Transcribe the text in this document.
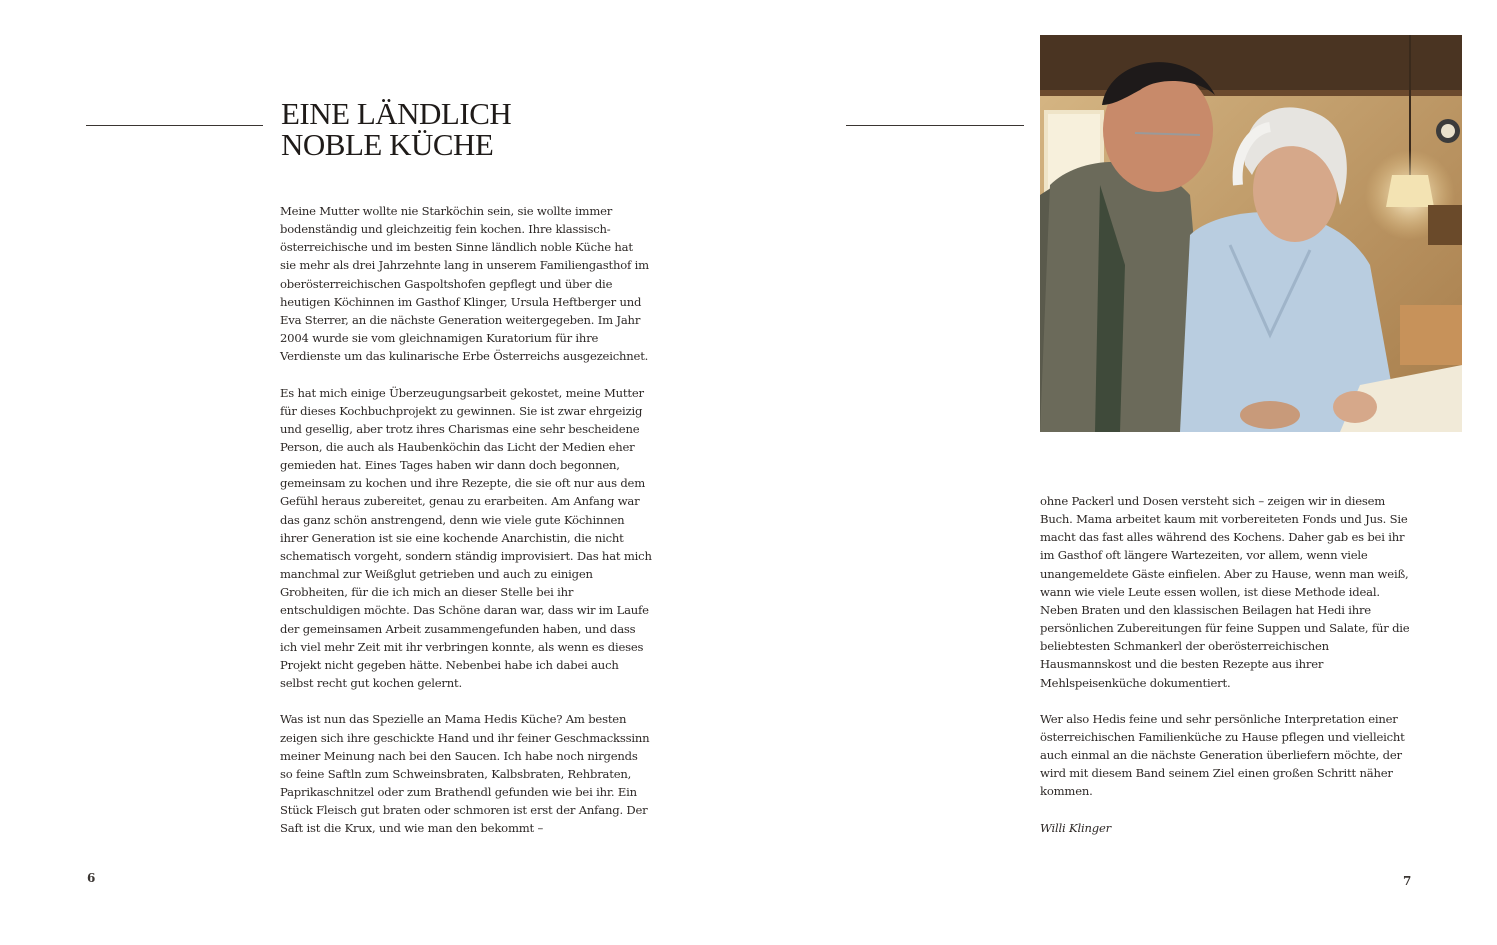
EINE LÄNDLICH
NOBLE KÜCHE

Meine Mutter wollte nie Starköchin sein, sie wollte immer bodenständig und gleichzeitig fein kochen. Ihre klassisch-österreichische und im besten Sinne ländlich noble Küche hat sie mehr als drei Jahrzehnte lang in unserem Familiengasthof im oberösterreichischen Gaspoltshofen gepflegt und über die heutigen Köchinnen im Gasthof Klinger, Ursula Heftberger und Eva Sterrer, an die nächste Generation weitergegeben. Im Jahr 2004 wurde sie vom gleichnamigen Kuratorium für ihre Verdienste um das kulinarische Erbe Österreichs ausgezeichnet.

Es hat mich einige Überzeugungsarbeit gekostet, meine Mutter für dieses Kochbuchprojekt zu gewinnen. Sie ist zwar ehrgeizig und gesellig, aber trotz ihres Charismas eine sehr bescheidene Person, die auch als Haubenköchin das Licht der Medien eher gemieden hat. Eines Tages haben wir dann doch begonnen, gemeinsam zu kochen und ihre Rezepte, die sie oft nur aus dem Gefühl heraus zubereitet, genau zu erarbeiten. Am Anfang war das ganz schön anstrengend, denn wie viele gute Köchinnen ihrer Generation ist sie eine kochende Anarchistin, die nicht schematisch vorgeht, sondern ständig improvisiert. Das hat mich manchmal zur Weißglut getrieben und auch zu einigen Grobheiten, für die ich mich an dieser Stelle bei ihr entschuldigen möchte. Das Schöne daran war, dass wir im Laufe der gemeinsamen Arbeit zusammengefunden haben, und dass ich viel mehr Zeit mit ihr verbringen konnte, als wenn es dieses Projekt nicht gegeben hätte. Nebenbei habe ich dabei auch selbst recht gut kochen gelernt.

Was ist nun das Spezielle an Mama Hedis Küche? Am besten zeigen sich ihre geschickte Hand und ihr feiner Geschmackssinn meiner Meinung nach bei den Saucen. Ich habe noch nirgends so feine Saftln zum Schweinsbraten, Kalbsbraten, Rehbraten, Paprikaschnitzel oder zum Brathendl gefunden wie bei ihr. Ein Stück Fleisch gut braten oder schmoren ist erst der Anfang. Der Saft ist die Krux, und wie man den bekommt –

6

ohne Packerl und Dosen versteht sich – zeigen wir in diesem Buch. Mama arbeitet kaum mit vorbereiteten Fonds und Jus. Sie macht das fast alles während des Kochens. Daher gab es bei ihr im Gasthof oft längere Wartezeiten, vor allem, wenn viele unangemeldete Gäste einfielen. Aber zu Hause, wenn man weiß, wann wie viele Leute essen wollen, ist diese Methode ideal. Neben Braten und den klassischen Beilagen hat Hedi ihre persönlichen Zubereitungen für feine Suppen und Salate, für die beliebtesten Schmankerl der oberösterreichischen Hausmannskost und die besten Rezepte aus ihrer Mehlspeisenküche dokumentiert.

Wer also Hedis feine und sehr persönliche Interpretation einer österreichischen Familienküche zu Hause pflegen und vielleicht auch einmal an die nächste Generation überliefern möchte, der wird mit diesem Band seinem Ziel einen großen Schritt näher kommen.

Willi Klinger

7
